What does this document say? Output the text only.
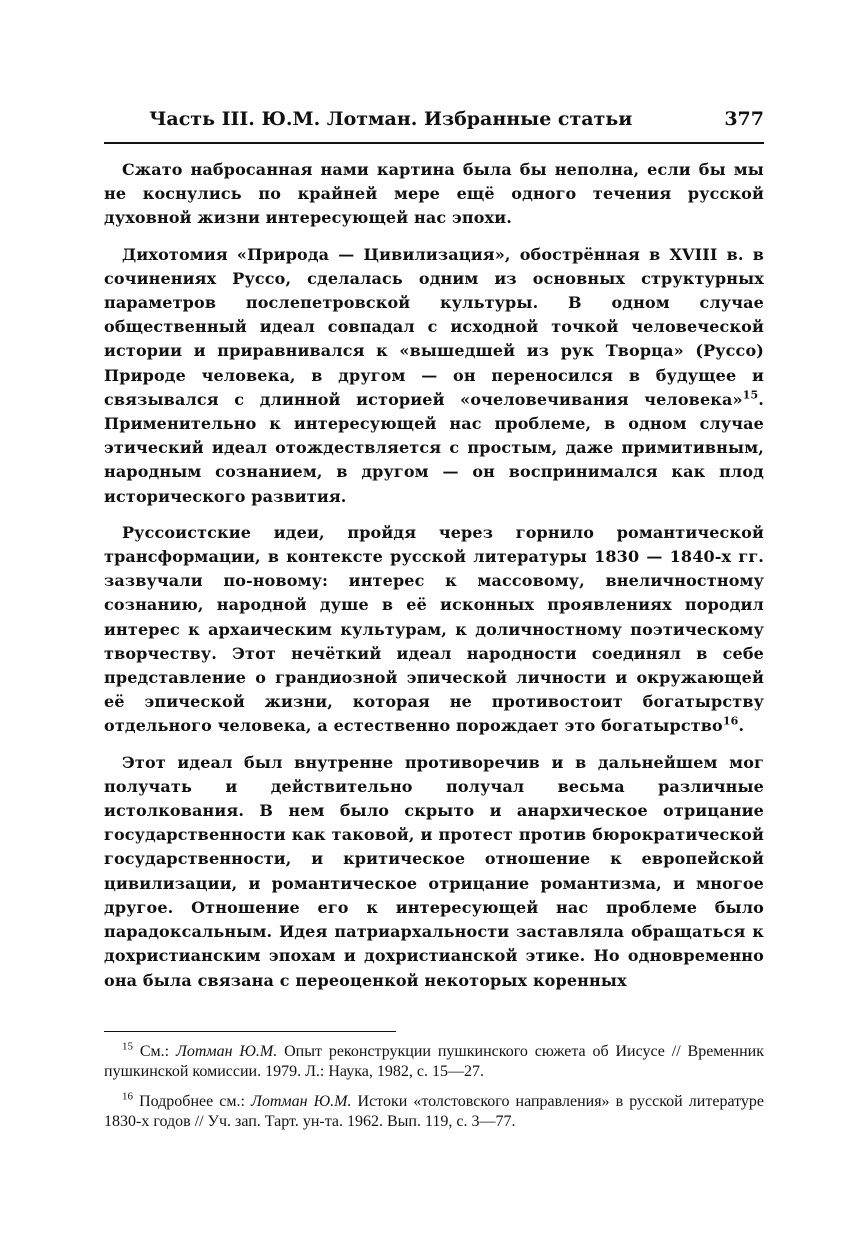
Часть III. Ю.М. Лотман. Избранные статьи	377

Сжато набросанная нами картина была бы неполна, если бы мы не коснулись по крайней мере ещё одного течения русской духовной жизни интересующей нас эпохи.

Дихотомия «Природа — Цивилизация», обострённая в XVIII в. в сочинениях Руссо, сделалась одним из основных структурных параметров послепетровской культуры. В одном случае общественный идеал совпадал с исходной точкой человеческой истории и приравнивался к «вышедшей из рук Творца» (Руссо) Природе человека, в другом — он переносился в будущее и связывался с длинной историей «очеловечивания человека»$^{15}$. Применительно к интересующей нас проблеме, в одном случае этический идеал отождествляется с простым, даже примитивным, народным сознанием, в другом — он воспринимался как плод исторического развития.

Руссоистские идеи, пройдя через горнило романтической трансформации, в контексте русской литературы 1830 — 1840-х гг. зазвучали по-новому: интерес к массовому, внеличностному сознанию, народной душе в её исконных проявлениях породил интерес к архаическим культурам, к доличностному поэтическому творчеству. Этот нечёткий идеал народности соединял в себе представление о грандиозной эпической личности и окружающей её эпической жизни, которая не противостоит богатырству отдельного человека, а естественно порождает это богатырство$^{16}$.

Этот идеал был внутренне противоречив и в дальнейшем мог получать и действительно получал весьма различные истолкования. В нем было скрыто и анархическое отрицание государственности как таковой, и протест против бюрократической государственности, и критическое отношение к европейской цивилизации, и романтическое отрицание романтизма, и многое другое. Отношение его к интересующей нас проблеме было парадоксальным. Идея патриархальности заставляла обращаться к дохристианским эпохам и дохристианской этике. Но одновременно она была связана с переоценкой некоторых коренных

$^{15}$ См.: Лотман Ю.М. Опыт реконструкции пушкинского сюжета об Иисусе // Временник пушкинской комиссии. 1979. Л.: Наука, 1982, с. 15—27.

$^{16}$ Подробнее см.: Лотман Ю.М. Истоки «толстовского направления» в русской литературе 1830-х годов // Уч. зап. Тарт. ун-та. 1962. Вып. 119, с. 3—77.
